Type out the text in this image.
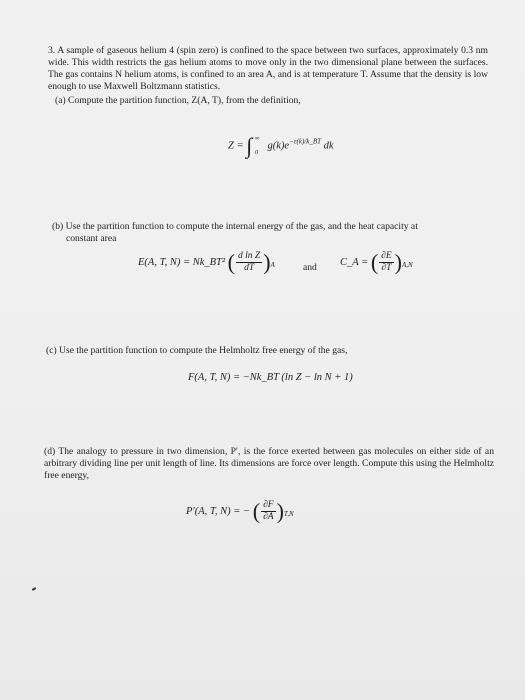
3. A sample of gaseous helium 4 (spin zero) is confined to the space between two surfaces, approximately 0.3 nm wide. This width restricts the gas helium atoms to move only in the two dimensional plane between the surfaces. The gas contains N helium atoms, is confined to an area A, and is at temperature T. Assume that the density is low enough to use Maxwell Boltzmann statistics.
(a) Compute the partition function, Z(A, T), from the definition,
Z = ∫ ∞
0
$g(k)e^{-\varepsilon(k)/k\_BT}$ dk
(b) Use the partition function to compute the internal energy of the gas, and the heat capacity at
constant area
E(A, T, N) = Nk_BT² ( $\frac{\text{d ln Z}}{dT} )_A$	and C_A = ( $\frac{\partial E}{\partial T} )_{A,N}$
(c) Use the partition function to compute the Helmholtz free energy of the gas,
F(A, T, N) = −Nk_BT (ln Z − ln N + 1)
(d) The analogy to pressure in two dimension, P′, is the force exerted between gas molecules on either side of an arbitrary dividing line per unit length of line. Its dimensions are force over length. Compute this using the Helmholtz free energy,
P′(A, T, N) = − ( $\frac{\partial F}{\partial A} )_{T,N}$
